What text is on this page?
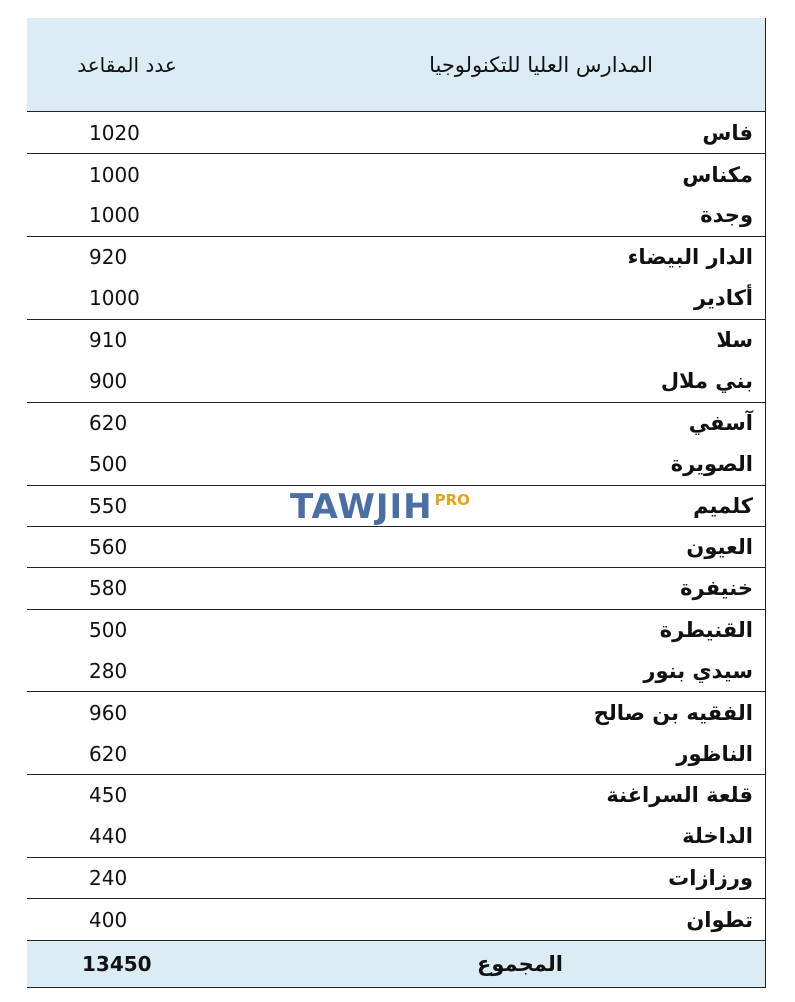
المدارس العليا للتكنولوجيا
عدد المقاعد
فاس
1020
مكناس
1000
وجدة
1000
الدار البيضاء
920
أكادير
1000
سلا
910
بني ملال
900
آسفي
620
الصويرة
500
كلميم
550
العيون
560
خنيفرة
580
القنيطرة
500
سيدي بنور
280
الفقيه بن صالح
960
الناظور
620
قلعة السراغنة
450
الداخلة
440
ورزازات
240
تطوان
400
المجموع
13450
TAWJIH PRO
